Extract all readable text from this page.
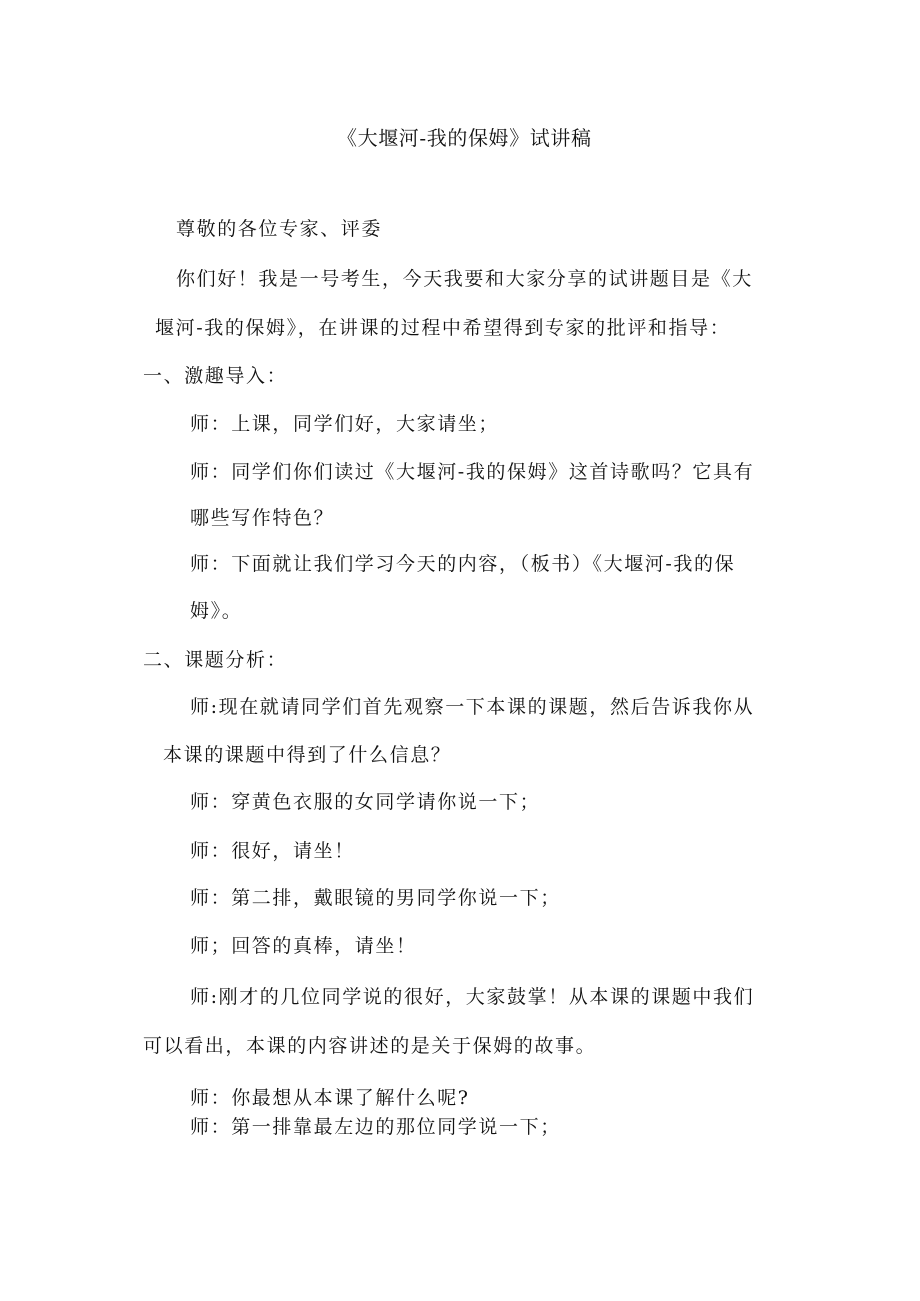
《大堰河-我的保姆》试讲稿
尊敬的各位专家、评委
你们好！我是一号考生，今天我要和大家分享的试讲题目是《大
堰河-我的保姆》，在讲课的过程中希望得到专家的批评和指导：
一、激趣导入：
师：上课，同学们好，大家请坐；
师：同学们你们读过《大堰河-我的保姆》这首诗歌吗？它具有
哪些写作特色？
师：下面就让我们学习今天的内容，（板书）《大堰河-我的保
姆》。
二、课题分析：
师:现在就请同学们首先观察一下本课的课题，然后告诉我你从
本课的课题中得到了什么信息？
师：穿黄色衣服的女同学请你说一下；
师：很好，请坐！
师：第二排，戴眼镜的男同学你说一下；
师；回答的真棒，请坐！
师:刚才的几位同学说的很好，大家鼓掌！从本课的课题中我们
可以看出，本课的内容讲述的是关于保姆的故事。
师：你最想从本课了解什么呢?
师：第一排靠最左边的那位同学说一下；
